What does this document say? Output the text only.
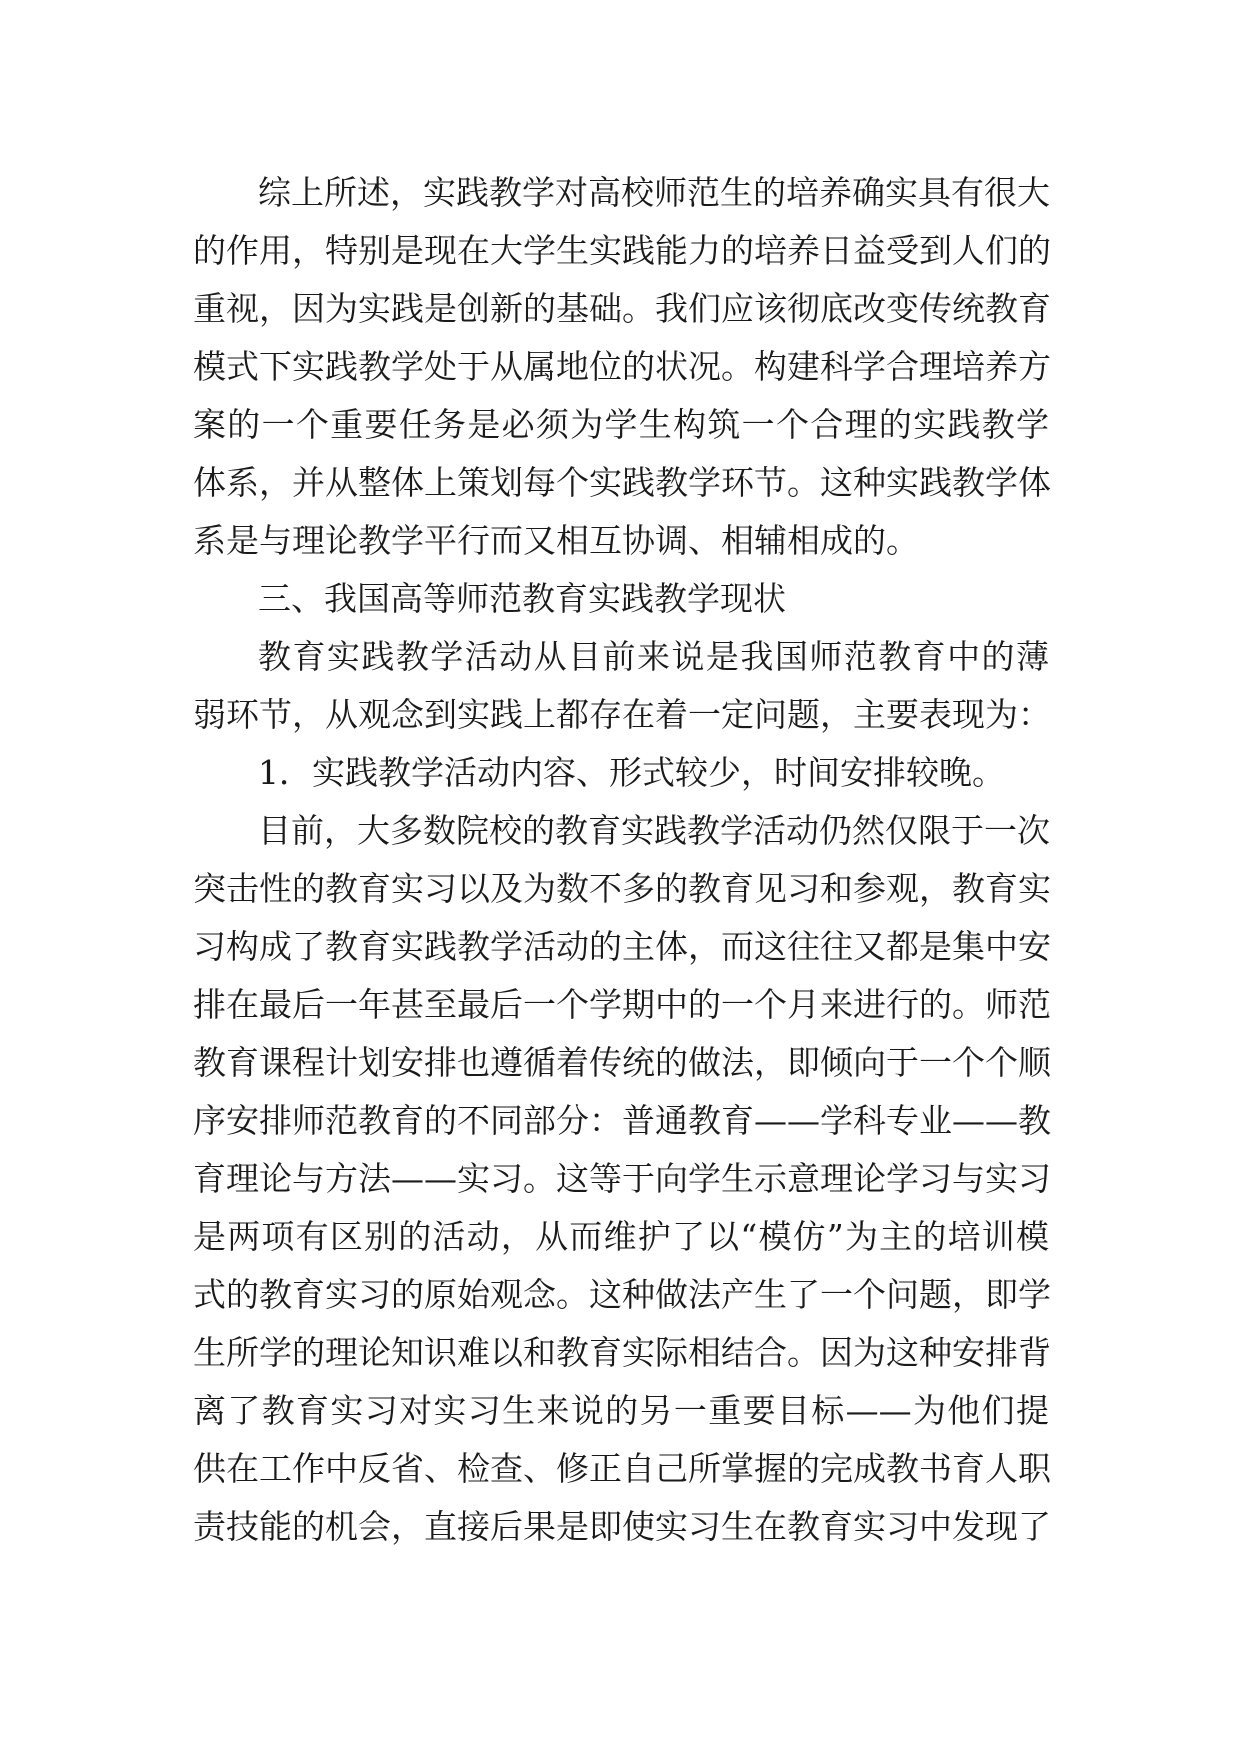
综上所述，实践教学对高校师范生的培养确实具有很大
的作用，特别是现在大学生实践能力的培养日益受到人们的
重视，因为实践是创新的基础。我们应该彻底改变传统教育
模式下实践教学处于从属地位的状况。构建科学合理培养方
案的一个重要任务是必须为学生构筑一个合理的实践教学
体系，并从整体上策划每个实践教学环节。这种实践教学体
系是与理论教学平行而又相互协调、相辅相成的。
三、我国高等师范教育实践教学现状
教育实践教学活动从目前来说是我国师范教育中的薄
弱环节，从观念到实践上都存在着一定问题，主要表现为：
1．实践教学活动内容、形式较少，时间安排较晚。
目前，大多数院校的教育实践教学活动仍然仅限于一次
突击性的教育实习以及为数不多的教育见习和参观，教育实
习构成了教育实践教学活动的主体，而这往往又都是集中安
排在最后一年甚至最后一个学期中的一个月来进行的。师范
教育课程计划安排也遵循着传统的做法，即倾向于一个个顺
序安排师范教育的不同部分：普通教育——学科专业——教
育理论与方法——实习。这等于向学生示意理论学习与实习
是两项有区别的活动，从而维护了以“模仿”为主的培训模
式的教育实习的原始观念。这种做法产生了一个问题，即学
生所学的理论知识难以和教育实际相结合。因为这种安排背
离了教育实习对实习生来说的另一重要目标——为他们提
供在工作中反省、检查、修正自己所掌握的完成教书育人职
责技能的机会，直接后果是即使实习生在教育实习中发现了
